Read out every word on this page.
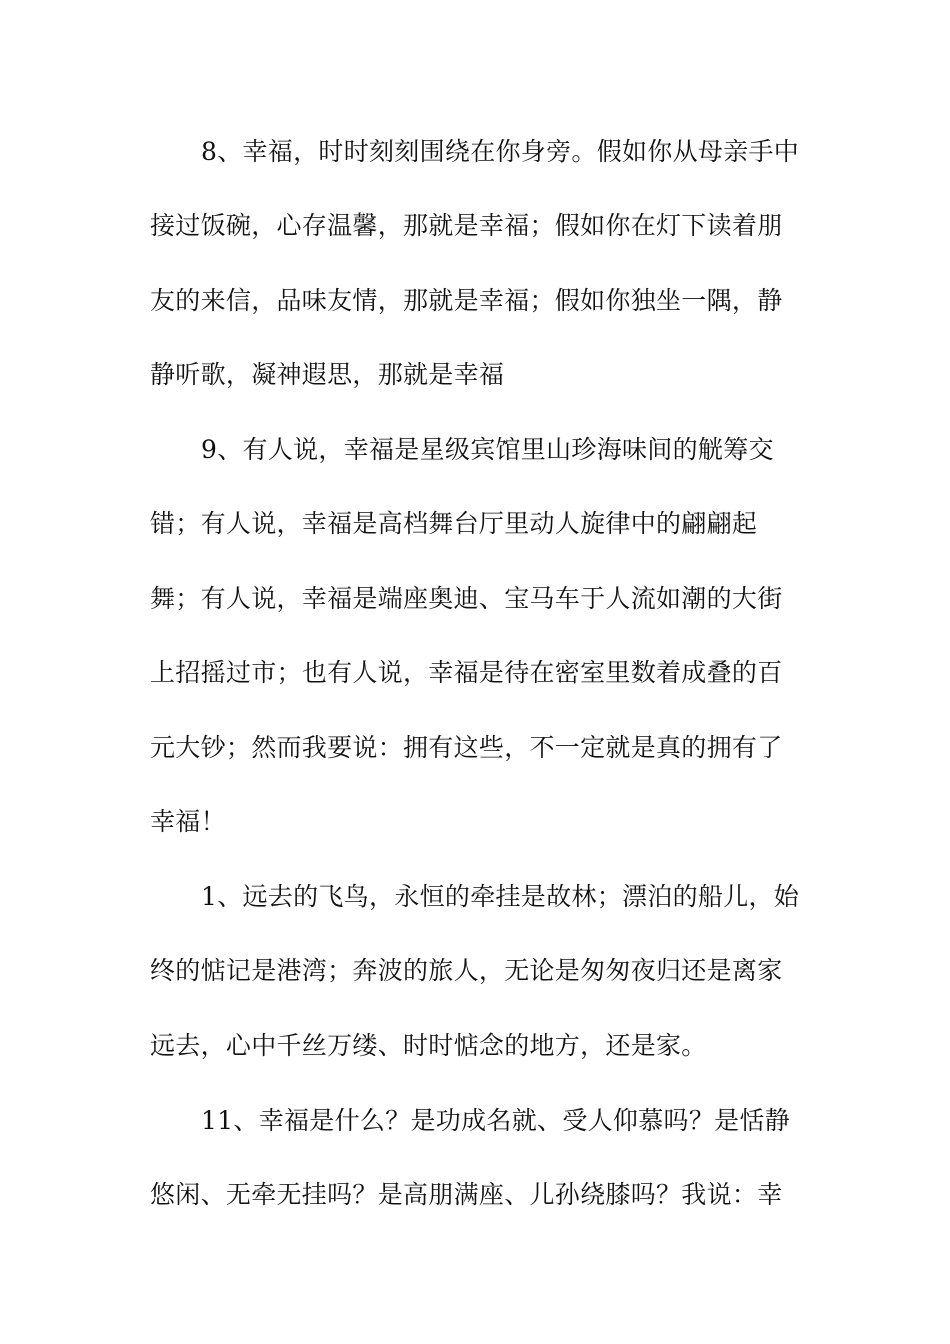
8、幸福，时时刻刻围绕在你身旁。假如你从母亲手中
接过饭碗，心存温馨，那就是幸福；假如你在灯下读着朋
友的来信，品味友情，那就是幸福；假如你独坐一隅，静
静听歌，凝神遐思，那就是幸福
9、有人说，幸福是星级宾馆里山珍海味间的觥筹交
错；有人说，幸福是高档舞台厅里动人旋律中的翩翩起
舞；有人说，幸福是端座奥迪、宝马车于人流如潮的大街
上招摇过市；也有人说，幸福是待在密室里数着成叠的百
元大钞；然而我要说：拥有这些，不一定就是真的拥有了
幸福！
1、远去的飞鸟，永恒的牵挂是故林；漂泊的船儿，始
终的惦记是港湾；奔波的旅人，无论是匆匆夜归还是离家
远去，心中千丝万缕、时时惦念的地方，还是家。
11、幸福是什么？是功成名就、受人仰慕吗？是恬静
悠闲、无牵无挂吗？是高朋满座、儿孙绕膝吗？我说：幸
